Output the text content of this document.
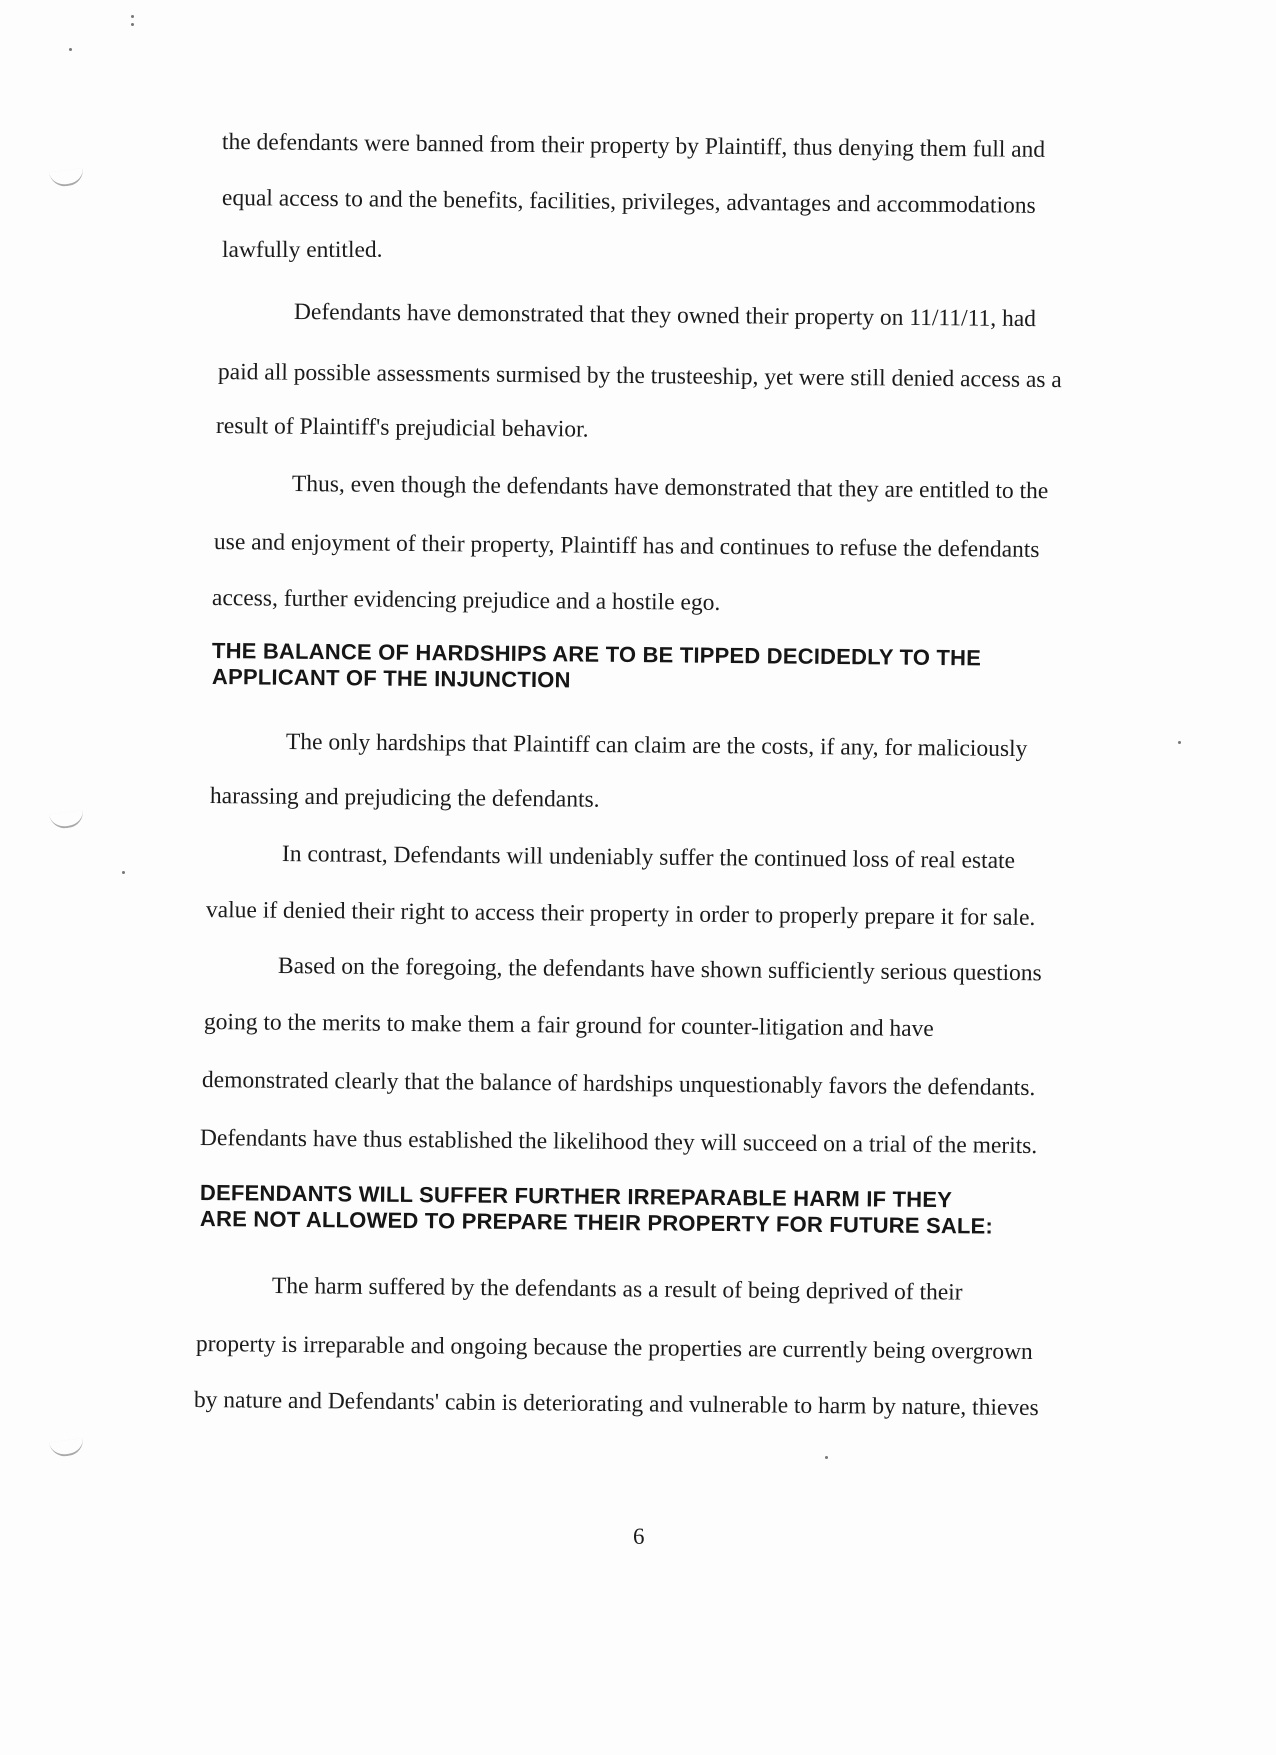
the defendants were banned from their property by Plaintiff, thus denying them full and
equal access to and the benefits, facilities, privileges, advantages and accommodations
lawfully entitled.
Defendants have demonstrated that they owned their property on 11/11/11, had
paid all possible assessments surmised by the trusteeship, yet were still denied access as a
result of Plaintiff's prejudicial behavior.
Thus, even though the defendants have demonstrated that they are entitled to the
use and enjoyment of their property, Plaintiff has and continues to refuse the defendants
access, further evidencing prejudice and a hostile ego.
THE BALANCE OF HARDSHIPS ARE TO BE TIPPED DECIDEDLY TO THE
APPLICANT OF THE INJUNCTION
The only hardships that Plaintiff can claim are the costs, if any, for maliciously
harassing and prejudicing the defendants.
In contrast, Defendants will undeniably suffer the continued loss of real estate
value if denied their right to access their property in order to properly prepare it for sale.
Based on the foregoing, the defendants have shown sufficiently serious questions
going to the merits to make them a fair ground for counter-litigation and have
demonstrated clearly that the balance of hardships unquestionably favors the defendants.
Defendants have thus established the likelihood they will succeed on a trial of the merits.
DEFENDANTS WILL SUFFER FURTHER IRREPARABLE HARM IF THEY
ARE NOT ALLOWED TO PREPARE THEIR PROPERTY FOR FUTURE SALE:
The harm suffered by the defendants as a result of being deprived of their
property is irreparable and ongoing because the properties are currently being overgrown
by nature and Defendants' cabin is deteriorating and vulnerable to harm by nature, thieves
6
